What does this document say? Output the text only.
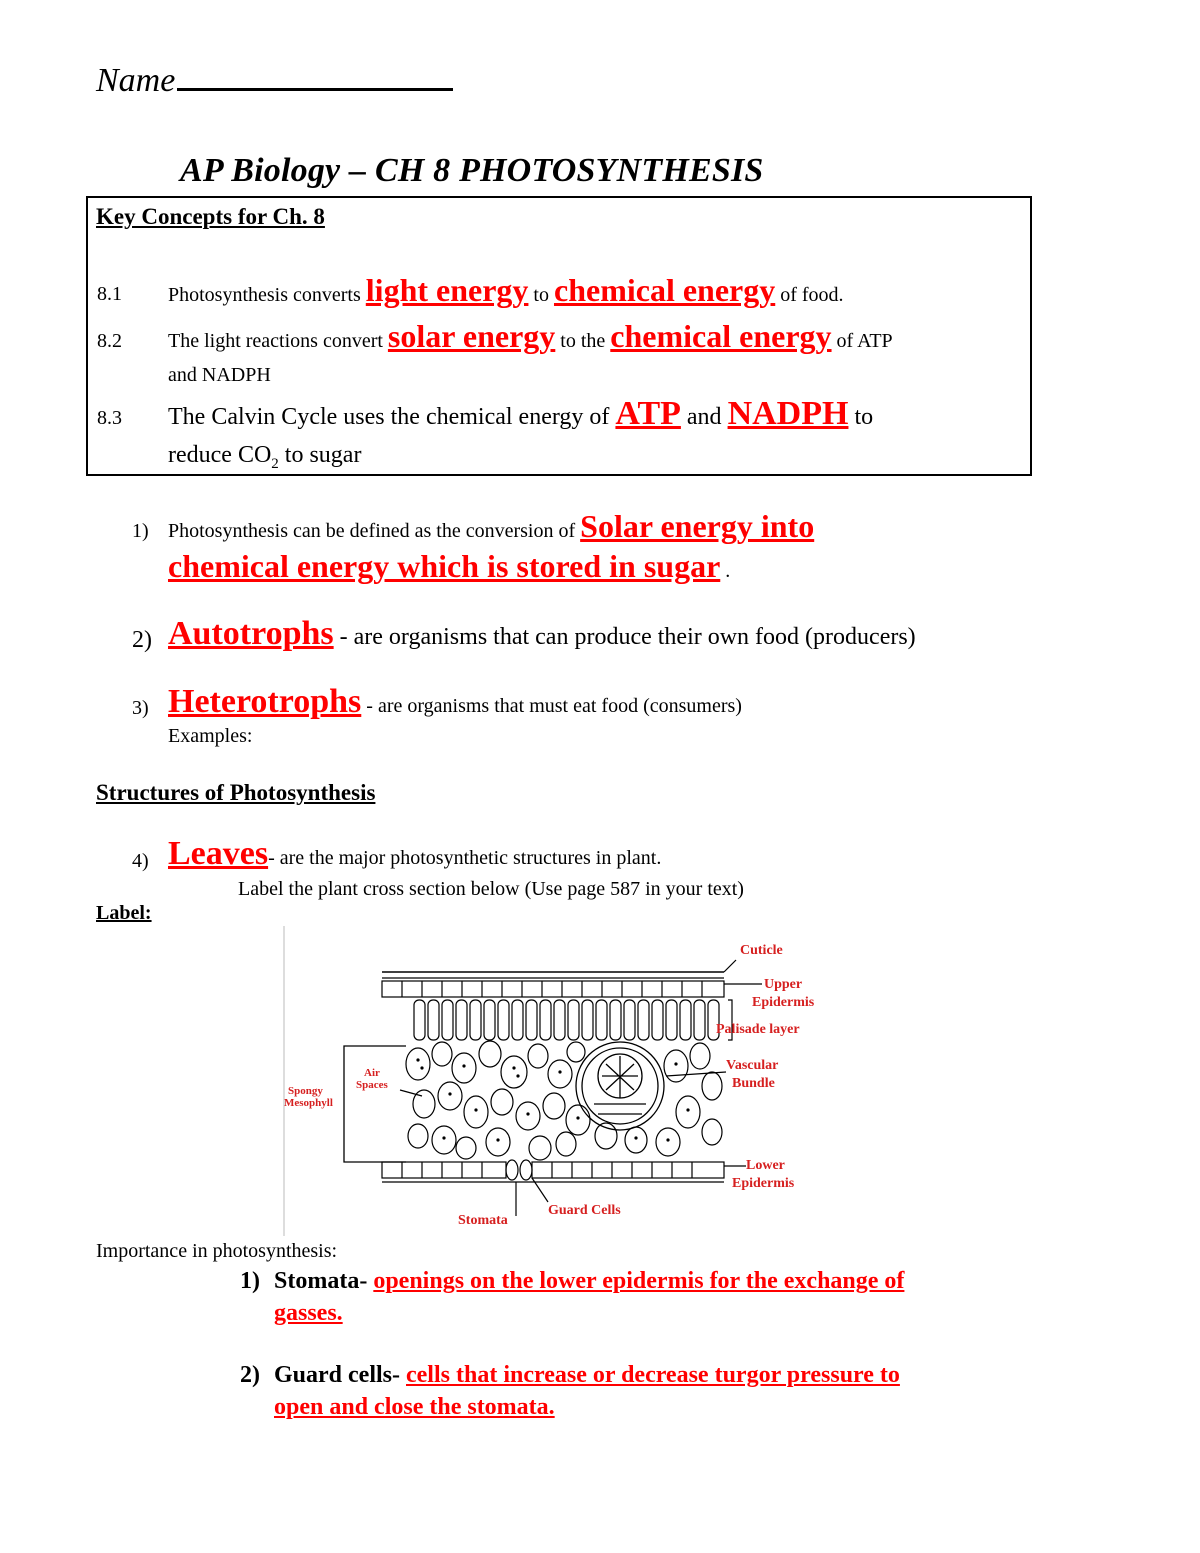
Name
AP Biology – CH 8 PHOTOSYNTHESIS
Key Concepts for Ch. 8
8.1 Photosynthesis converts light energy to chemical energy of food.
8.2 The light reactions convert solar energy to the chemical energy of ATP
and NADPH
8.3 The Calvin Cycle uses the chemical energy of ATP and NADPH to
reduce $CO_2$ to sugar
1) Photosynthesis can be defined as the conversion of Solar energy into
chemical energy which is stored in sugar .
2) Autotrophs - are organisms that can produce their own food (producers)
3) Heterotrophs - are organisms that must eat food (consumers)
Examples:
Structures of Photosynthesis
4) Leaves- are the major photosynthetic structures in plant.
Label the plant cross section below (Use page 587 in your text)
Label:
Cuticle
Upper
Epidermis
Palisade layer
Vascular
Bundle
Lower
Epidermis
Guard Cells
Stomata
Air
Spaces
Spongy
Mesophyll
Importance in photosynthesis:
1) Stomata- openings on the lower epidermis for the exchange of
gasses.
2) Guard cells- cells that increase or decrease turgor pressure to
open and close the stomata.
